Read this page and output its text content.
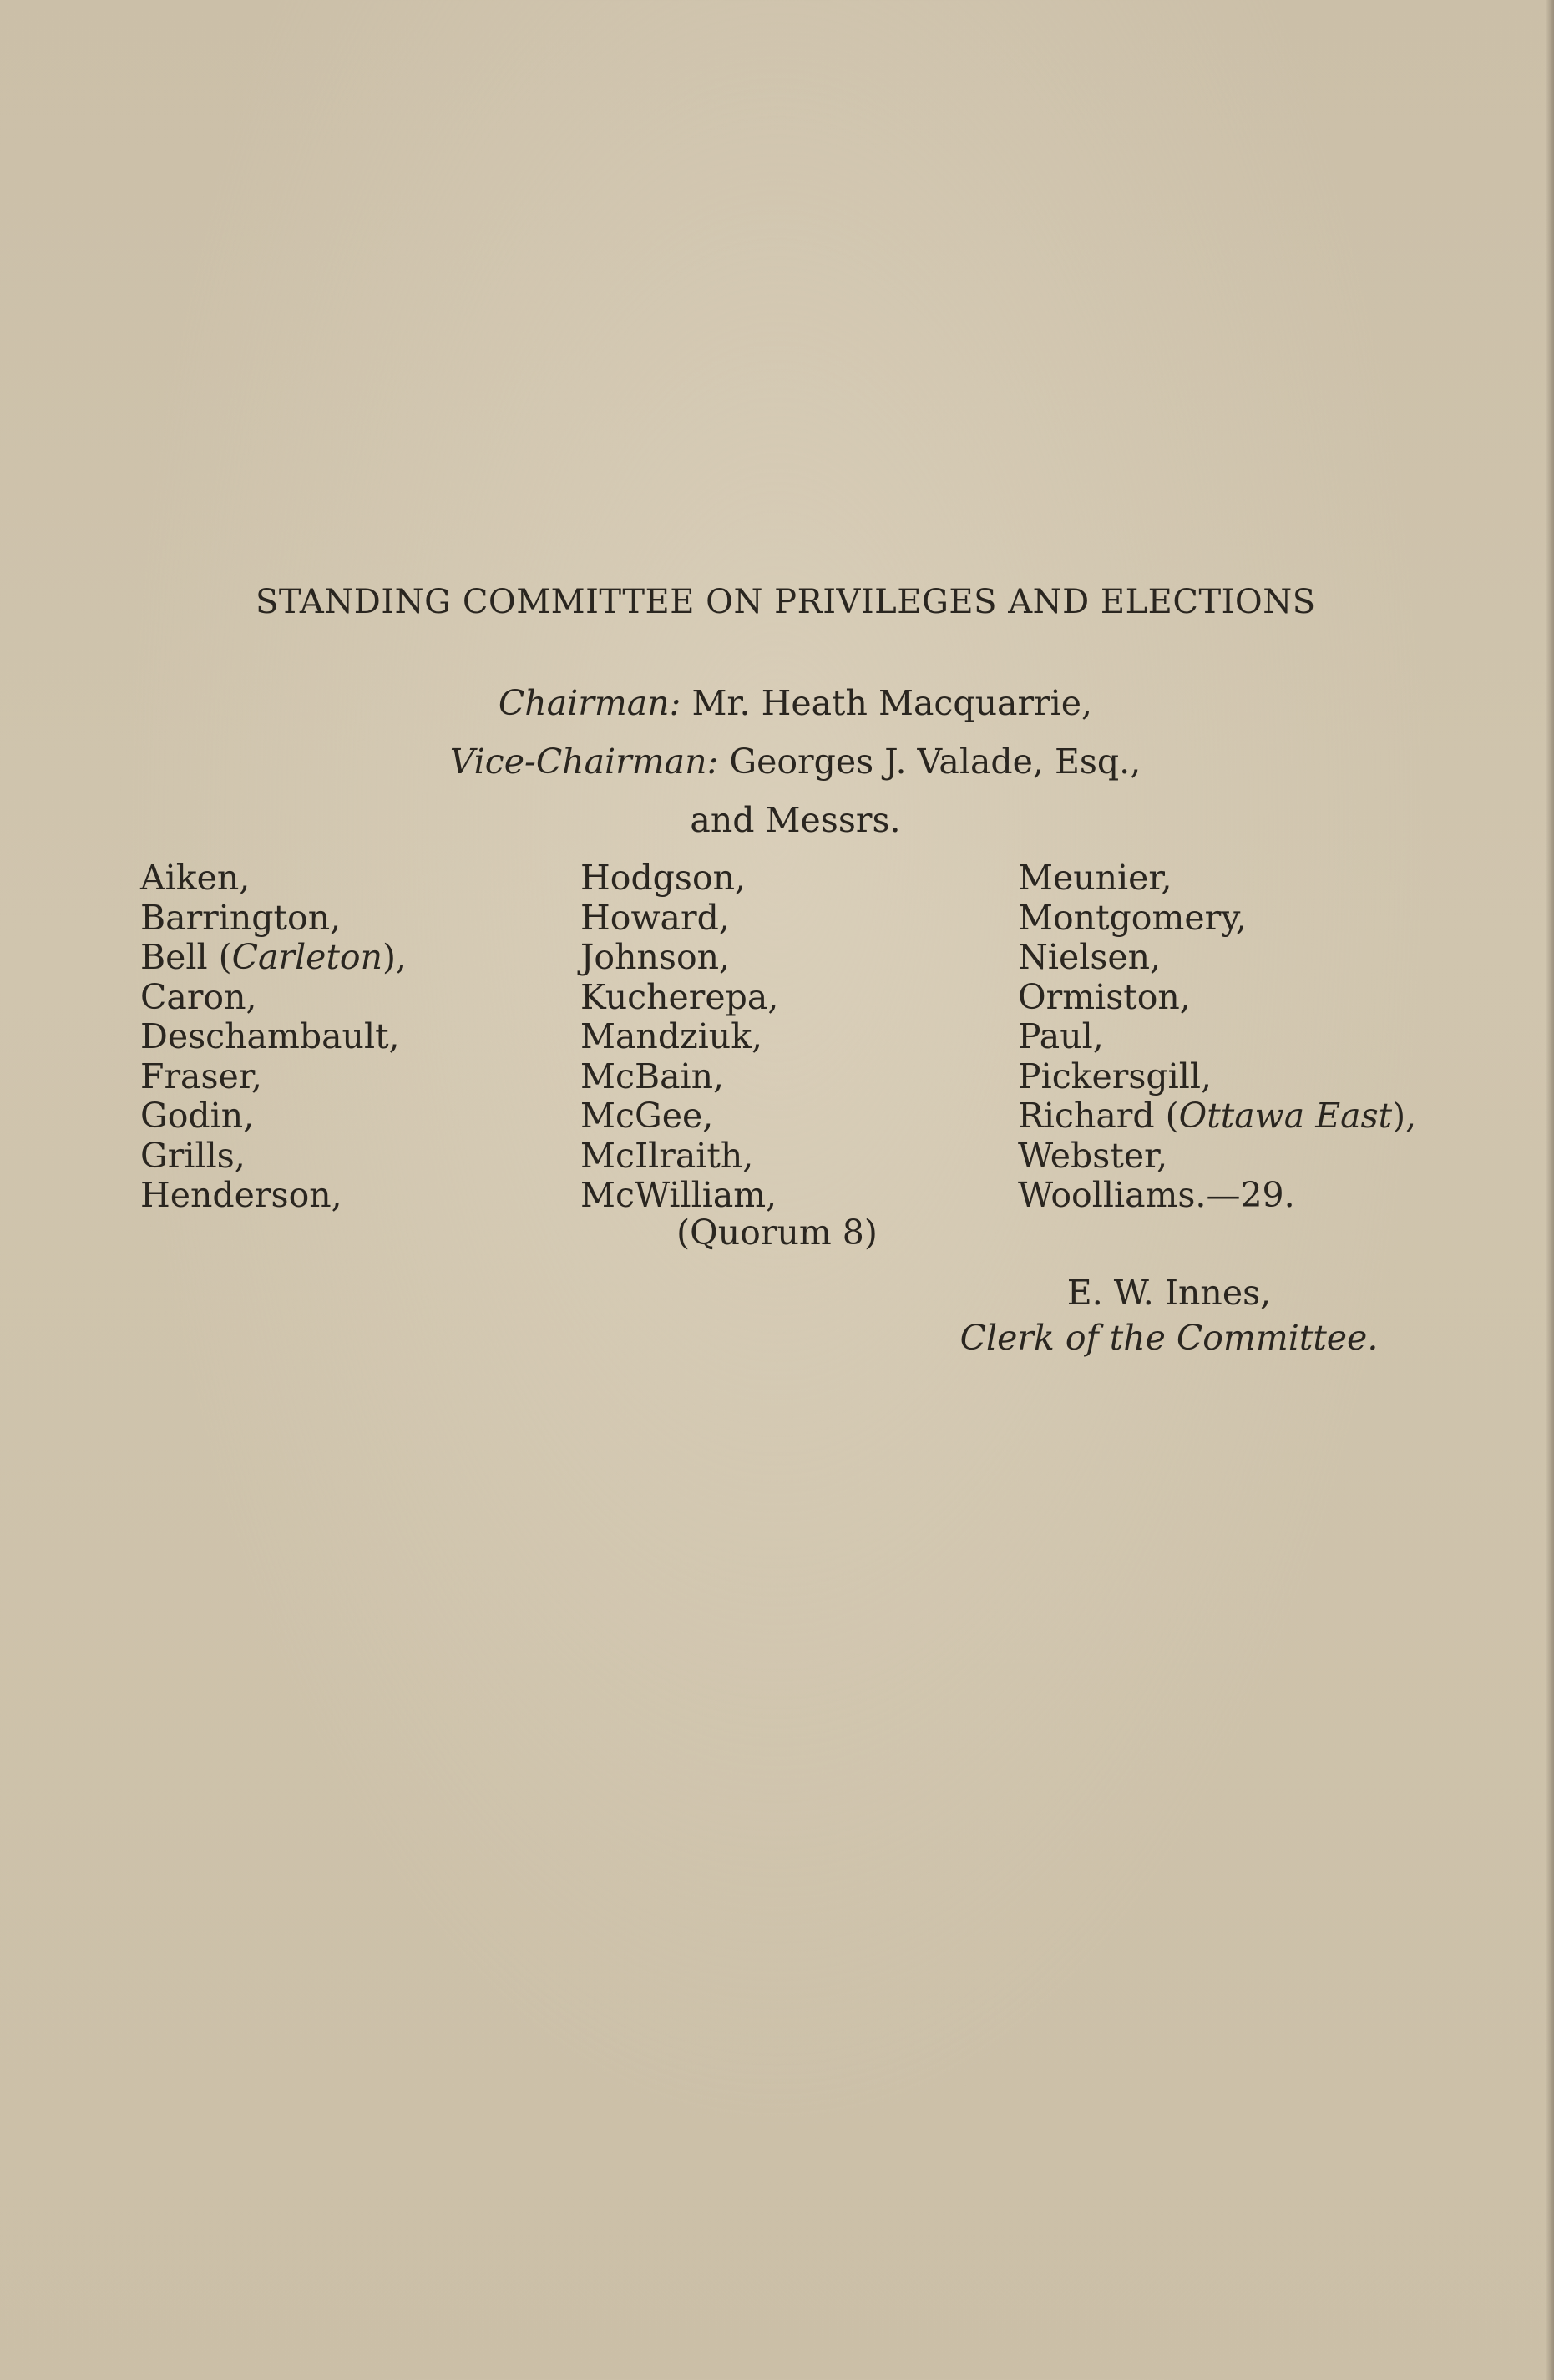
STANDING COMMITTEE ON PRIVILEGES AND ELECTIONS
Chairman: Mr. Heath Macquarrie,
Vice-Chairman: Georges J. Valade, Esq.,
and Messrs.
Aiken,
Barrington,
Bell (Carleton),
Caron,
Deschambault,
Fraser,
Godin,
Grills,
Henderson,
Hodgson,
Howard,
Johnson,
Kucherepa,
Mandziuk,
McBain,
McGee,
McIlraith,
McWilliam,
Meunier,
Montgomery,
Nielsen,
Ormiston,
Paul,
Pickersgill,
Richard (Ottawa East),
Webster,
Woolliams.—29.
(Quorum 8)
E. W. Innes,
Clerk of the Committee.
